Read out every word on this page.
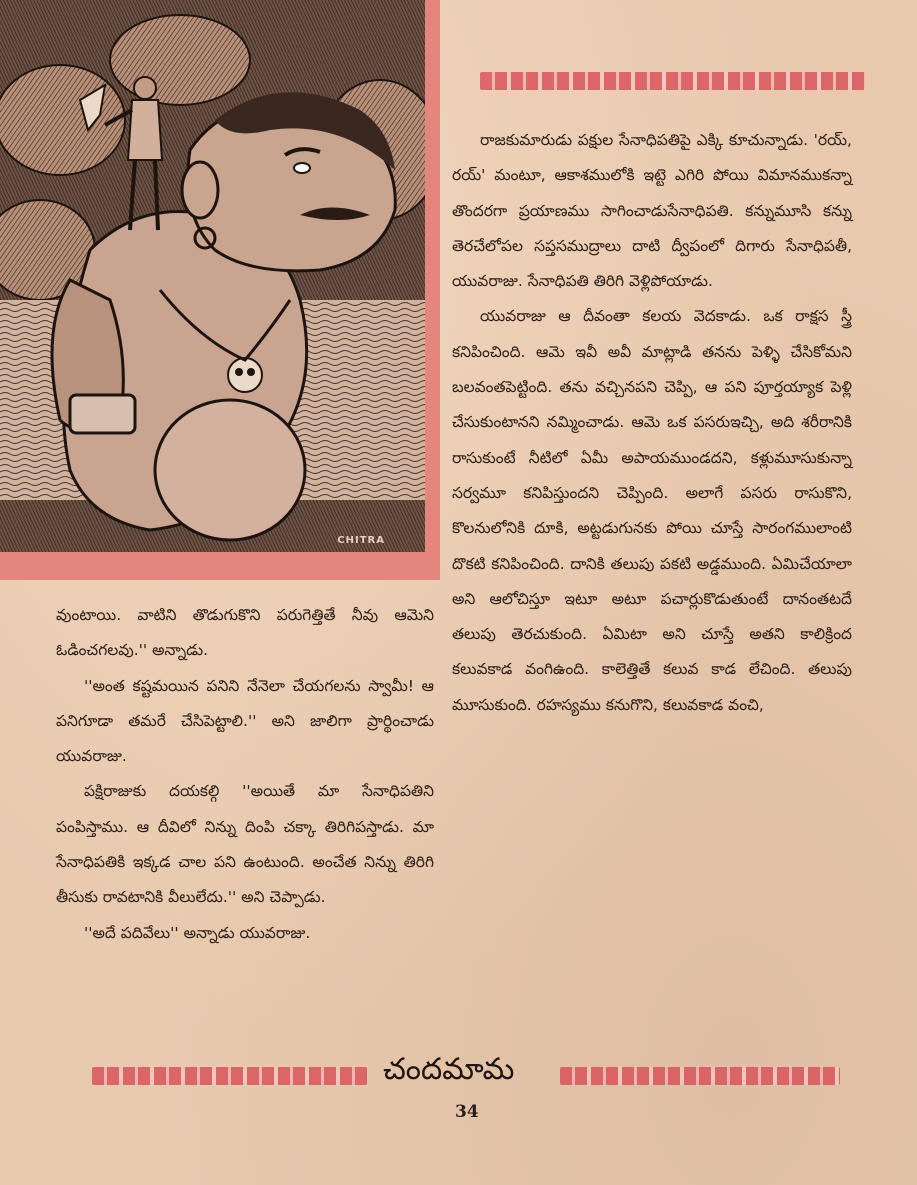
CHITRA

రాజకుమారుడు పక్షుల సేనాధిపతిపై ఎక్కి కూచున్నాడు. 'రయ్, రయ్' మంటూ, ఆకాశములోకి ఇట్టె ఎగిరి పోయి విమానముకన్నా తొందరగా ప్రయాణము సాగించాడుసేనాధిపతి. కన్నుమూసి కన్ను తెరచేలోపల సప్తసముద్రాలు దాటి ద్వీపంలో దిగారు సేనాధిపతీ, యువరాజు. సేనాధిపతి తిరిగి వెళ్లిపోయాడు.

యువరాజు ఆ దీవంతా కలయ వెదకాడు. ఒక రాక్షస స్త్రీ కనిపించింది. ఆమె ఇవీ అవీ మాట్లాడి తనను పెళ్ళి చేసికోమని బలవంతపెట్టింది. తను వచ్చినపని చెప్పి, ఆ పని పూర్తయ్యాక పెళ్లి చేసుకుంటానని నమ్మించాడు. ఆమె ఒక పసరుఇచ్చి, అది శరీరానికి రాసుకుంటే నీటిలో ఏమీ అపాయముండదని, కళ్లుమూసుకున్నా సర్వమూ కనిపిస్తుందని చెప్పింది. అలాగే పసరు రాసుకొని, కొలనులోనికి దూకి, అట్టడుగునకు పోయి చూస్తే సారంగములాంటి దొకటి కనిపించింది. దానికి తలుపు పకటి అడ్డముంది. ఏమిచేయాలా అని ఆలోచిస్తూ ఇటూ అటూ పచార్లుకొడుతుంటే దానంతటదే తలుపు తెరచుకుంది. ఏమిటా అని చూస్తే అతని కాలిక్రింద కలువకాడ వంగిఉంది. కాలెత్తితే కలువ కాడ లేచింది. తలుపు మూసుకుంది. రహస్యము కనుగొని, కలువకాడ వంచి,

వుంటాయి. వాటిని తొడుగుకొని పరుగెత్తితే నీవు ఆమెని ఓడించగలవు.'' అన్నాడు.

''అంత కష్టమయిన పనిని నేనెలా చేయగలను స్వామీ! ఆ పనిగూడా తమరే చేసిపెట్టాలి.'' అని జాలిగా ప్రార్థించాడు యువరాజు.

పక్షిరాజుకు దయకల్గి ''అయితే మా సేనాధిపతిని పంపిస్తాము. ఆ దీవిలో నిన్ను దింపి చక్కా తిరిగిపస్తాడు. మా సేనాధిపతికి ఇక్కడ చాల పని ఉంటుంది. అంచేత నిన్ను తిరిగి తీసుకు రావటానికి వీలులేదు.'' అని చెప్పాడు.

''అదే పదివేలు'' అన్నాడు యువరాజు.

చందమామ
34
